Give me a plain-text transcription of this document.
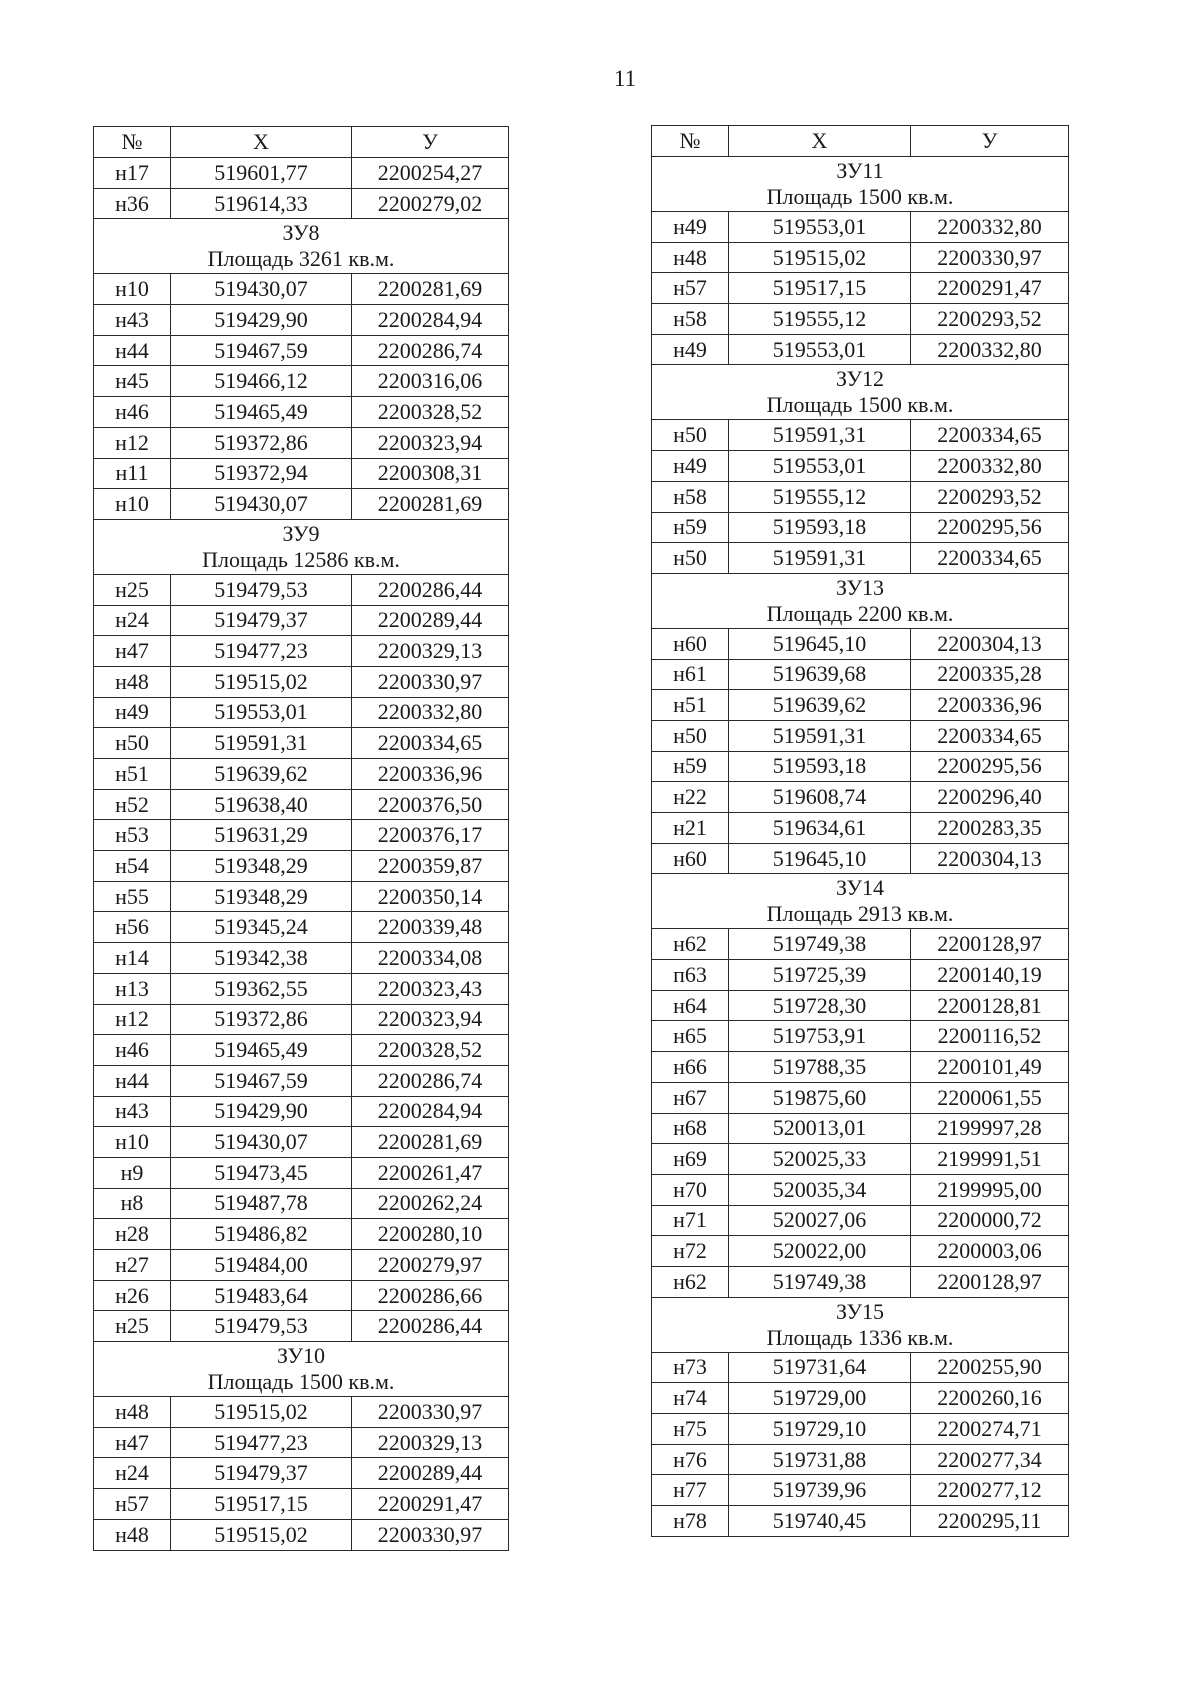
11
№	Х	У
н17	519601,77	2200254,27
н36	519614,33	2200279,02

ЗУ8
Площадь 3261 кв.м.		

н10	519430,07	2200281,69
н43	519429,90	2200284,94
н44	519467,59	2200286,74
н45	519466,12	2200316,06
н46	519465,49	2200328,52
н12	519372,86	2200323,94
н11	519372,94	2200308,31
н10	519430,07	2200281,69

ЗУ9
Площадь 12586 кв.м.		

н25	519479,53	2200286,44
н24	519479,37	2200289,44
н47	519477,23	2200329,13
н48	519515,02	2200330,97
н49	519553,01	2200332,80
н50	519591,31	2200334,65
н51	519639,62	2200336,96
н52	519638,40	2200376,50
н53	519631,29	2200376,17
н54	519348,29	2200359,87
н55	519348,29	2200350,14
н56	519345,24	2200339,48
н14	519342,38	2200334,08
н13	519362,55	2200323,43
н12	519372,86	2200323,94
н46	519465,49	2200328,52
н44	519467,59	2200286,74
н43	519429,90	2200284,94
н10	519430,07	2200281,69
н9	519473,45	2200261,47
н8	519487,78	2200262,24
н28	519486,82	2200280,10
н27	519484,00	2200279,97
н26	519483,64	2200286,66
н25	519479,53	2200286,44

ЗУ10
Площадь 1500 кв.м.		

н48	519515,02	2200330,97
н47	519477,23	2200329,13
н24	519479,37	2200289,44
н57	519517,15	2200291,47
н48	519515,02	2200330,97
№	Х	У

ЗУ11
Площадь 1500 кв.м.		

н49	519553,01	2200332,80
н48	519515,02	2200330,97
н57	519517,15	2200291,47
н58	519555,12	2200293,52
н49	519553,01	2200332,80

ЗУ12
Площадь 1500 кв.м.		

н50	519591,31	2200334,65
н49	519553,01	2200332,80
н58	519555,12	2200293,52
н59	519593,18	2200295,56
н50	519591,31	2200334,65

ЗУ13
Площадь 2200 кв.м.		

н60	519645,10	2200304,13
н61	519639,68	2200335,28
н51	519639,62	2200336,96
н50	519591,31	2200334,65
н59	519593,18	2200295,56
н22	519608,74	2200296,40
н21	519634,61	2200283,35
н60	519645,10	2200304,13

ЗУ14
Площадь 2913 кв.м.		

н62	519749,38	2200128,97
п63	519725,39	2200140,19
н64	519728,30	2200128,81
н65	519753,91	2200116,52
н66	519788,35	2200101,49
н67	519875,60	2200061,55
н68	520013,01	2199997,28
н69	520025,33	2199991,51
н70	520035,34	2199995,00
н71	520027,06	2200000,72
н72	520022,00	2200003,06
н62	519749,38	2200128,97

ЗУ15
Площадь 1336 кв.м.		

н73	519731,64	2200255,90
н74	519729,00	2200260,16
н75	519729,10	2200274,71
н76	519731,88	2200277,34
н77	519739,96	2200277,12
н78	519740,45	2200295,11
